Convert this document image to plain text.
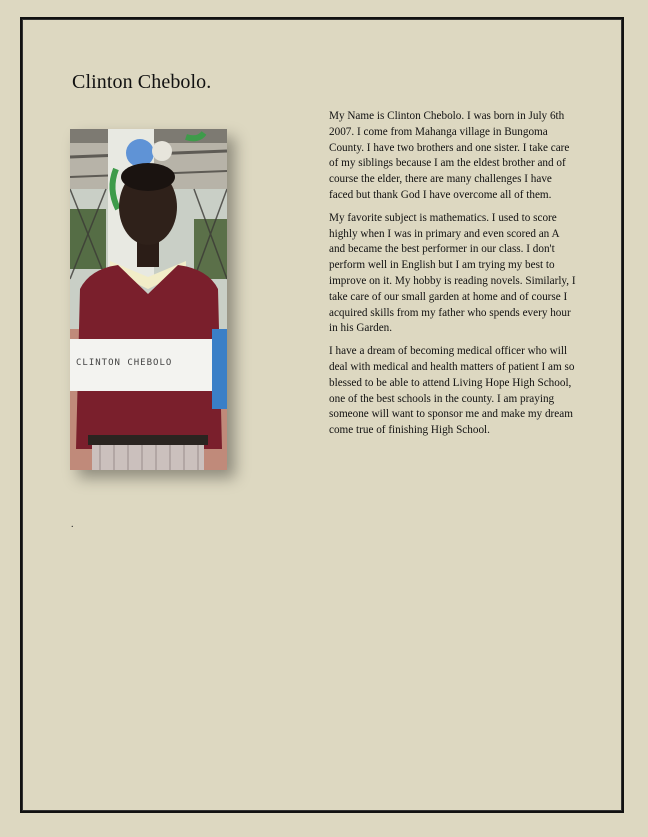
Clinton Chebolo.
CLINTON CHEBOLO

My Name is Clinton Chebolo. I was born in July 6th 2007. I come from Mahanga village in Bungoma County. I have two brothers and one sister. I take care of my siblings because I am the eldest brother and of course the elder, there are many challenges I have faced but thank God I have overcome all of them.

My favorite subject is mathematics. I used to score highly when I was in primary and even scored an A and became the best performer in our class. I don't perform well in English but I am trying my best to improve on it. My hobby is reading novels. Similarly, I take care of our small garden at home and of course I acquired skills from my father who spends every hour in his Garden.

I have a dream of becoming medical officer who will deal with medical and health matters of patient I am so blessed to be able to attend Living Hope High School, one of the best schools in the county. I am praying someone will want to sponsor me and make my dream come true of finishing High School.

.
